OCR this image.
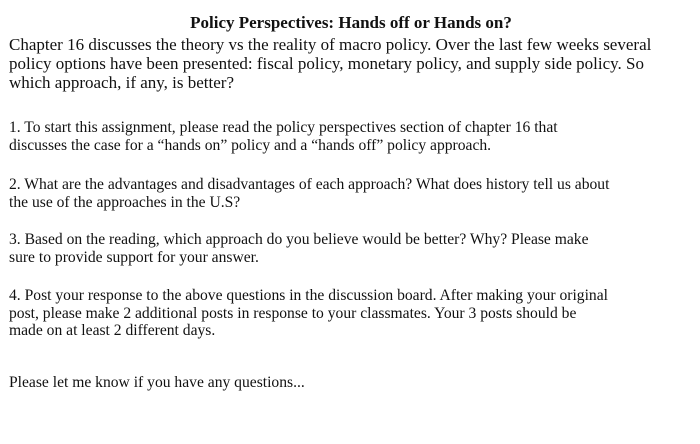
Policy Perspectives: Hands off or Hands on?
Chapter 16 discusses the theory vs the reality of macro policy. Over the last few weeks several
policy options have been presented: fiscal policy, monetary policy, and supply side policy. So
which approach, if any, is better?
1. To start this assignment, please read the policy perspectives section of chapter 16 that
discusses the case for a “hands on” policy and a “hands off” policy approach.
2. What are the advantages and disadvantages of each approach? What does history tell us about
the use of the approaches in the U.S?
3. Based on the reading, which approach do you believe would be better? Why? Please make
sure to provide support for your answer.
4. Post your response to the above questions in the discussion board. After making your original
post, please make 2 additional posts in response to your classmates. Your 3 posts should be
made on at least 2 different days.
Please let me know if you have any questions...
